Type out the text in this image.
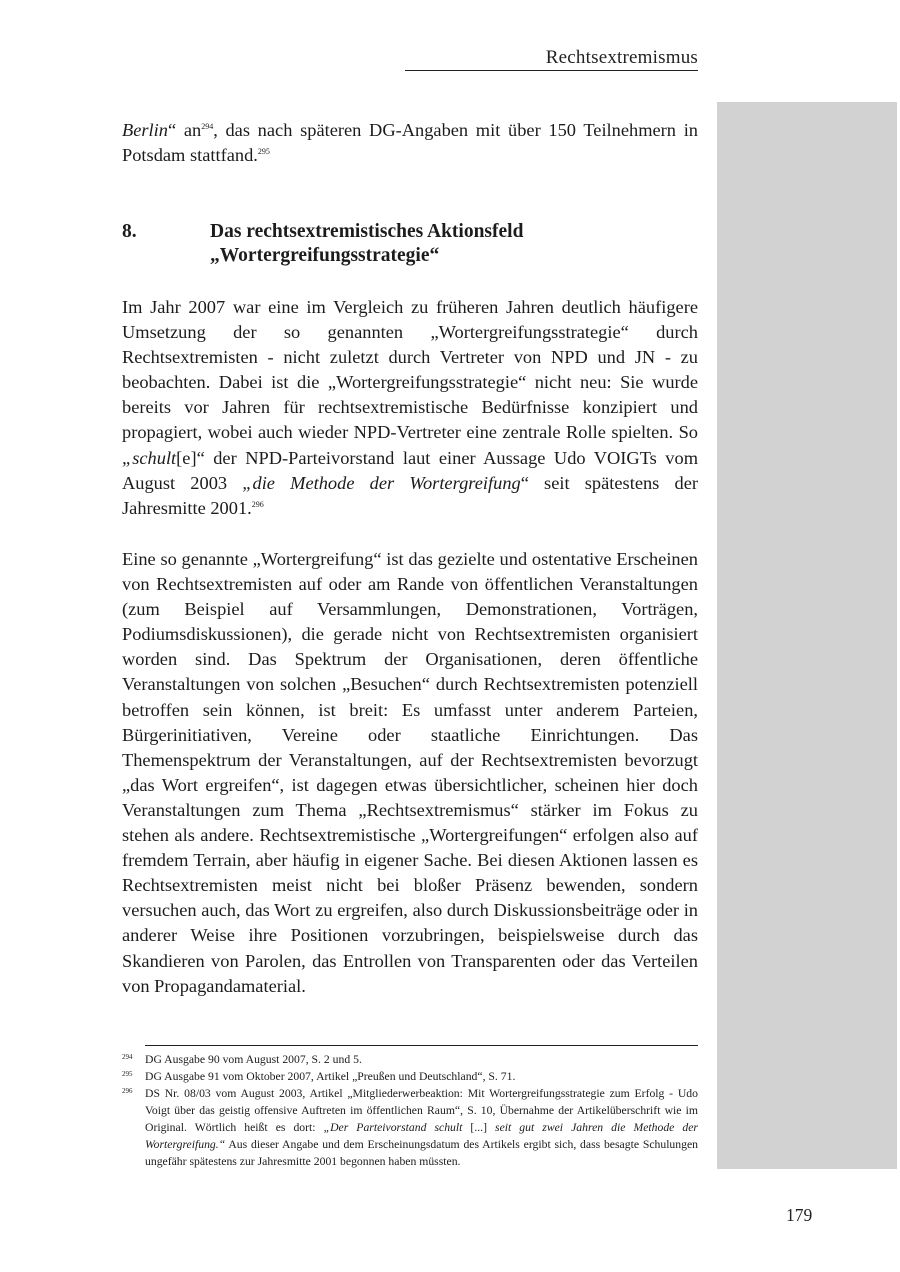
Rechtsextremismus

Berlin“ an$^{294}$, das nach späteren DG-Angaben mit über 150 Teilnehmern in Potsdam stattfand.$^{295}$

8.	Das rechtsextremistisches Aktionsfeld „Wortergreifungsstrategie“

Im Jahr 2007 war eine im Vergleich zu früheren Jahren deutlich häufigere Umsetzung der so genannten „Wortergreifungsstrategie“ durch Rechtsextremisten - nicht zuletzt durch Vertreter von NPD und JN - zu beobachten. Dabei ist die „Wortergreifungsstrategie“ nicht neu: Sie wurde bereits vor Jahren für rechtsextremistische Bedürfnisse konzipiert und propagiert, wobei auch wieder NPD-Vertreter eine zentrale Rolle spielten. So „schult[e]“ der NPD-Parteivorstand laut einer Aussage Udo VOIGTs vom August 2003 „die Methode der Wortergreifung“ seit spätestens der Jahresmitte 2001.$^{296}$

Eine so genannte „Wortergreifung“ ist das gezielte und ostentative Erscheinen von Rechtsextremisten auf oder am Rande von öffentlichen Veranstaltungen (zum Beispiel auf Versammlungen, Demonstrationen, Vorträgen, Podiumsdiskussionen), die gerade nicht von Rechtsextremisten organisiert worden sind. Das Spektrum der Organisationen, deren öffentliche Veranstaltungen von solchen „Besuchen“ durch Rechtsextremisten potenziell betroffen sein können, ist breit: Es umfasst unter anderem Parteien, Bürgerinitiativen, Vereine oder staatliche Einrichtungen. Das Themenspektrum der Veranstaltungen, auf der Rechtsextremisten bevorzugt „das Wort ergreifen“, ist dagegen etwas übersichtlicher, scheinen hier doch Veranstaltungen zum Thema „Rechtsextremismus“ stärker im Fokus zu stehen als andere. Rechtsextremistische „Wortergreifungen“ erfolgen also auf fremdem Terrain, aber häufig in eigener Sache. Bei diesen Aktionen lassen es Rechtsextremisten meist nicht bei bloßer Präsenz bewenden, sondern versuchen auch, das Wort zu ergreifen, also durch Diskussionsbeiträge oder in anderer Weise ihre Positionen vorzubringen, beispielsweise durch das Skandieren von Parolen, das Entrollen von Transparenten oder das Verteilen von Propagandamaterial.

294 DG Ausgabe 90 vom August 2007, S. 2 und 5.
295 DG Ausgabe 91 vom Oktober 2007, Artikel „Preußen und Deutschland“, S. 71.
296 DS Nr. 08/03 vom August 2003, Artikel „Mitgliederwerbeaktion: Mit Wortergreifungsstrategie zum Erfolg - Udo Voigt über das geistig offensive Auftreten im öffentlichen Raum“, S. 10, Übernahme der Artikelüberschrift wie im Original. Wörtlich heißt es dort: „Der Parteivorstand schult [...] seit gut zwei Jahren die Methode der Wortergreifung.“ Aus dieser Angabe und dem Erscheinungsdatum des Artikels ergibt sich, dass besagte Schulungen ungefähr spätestens zur Jahresmitte 2001 begonnen haben müssten.
179
